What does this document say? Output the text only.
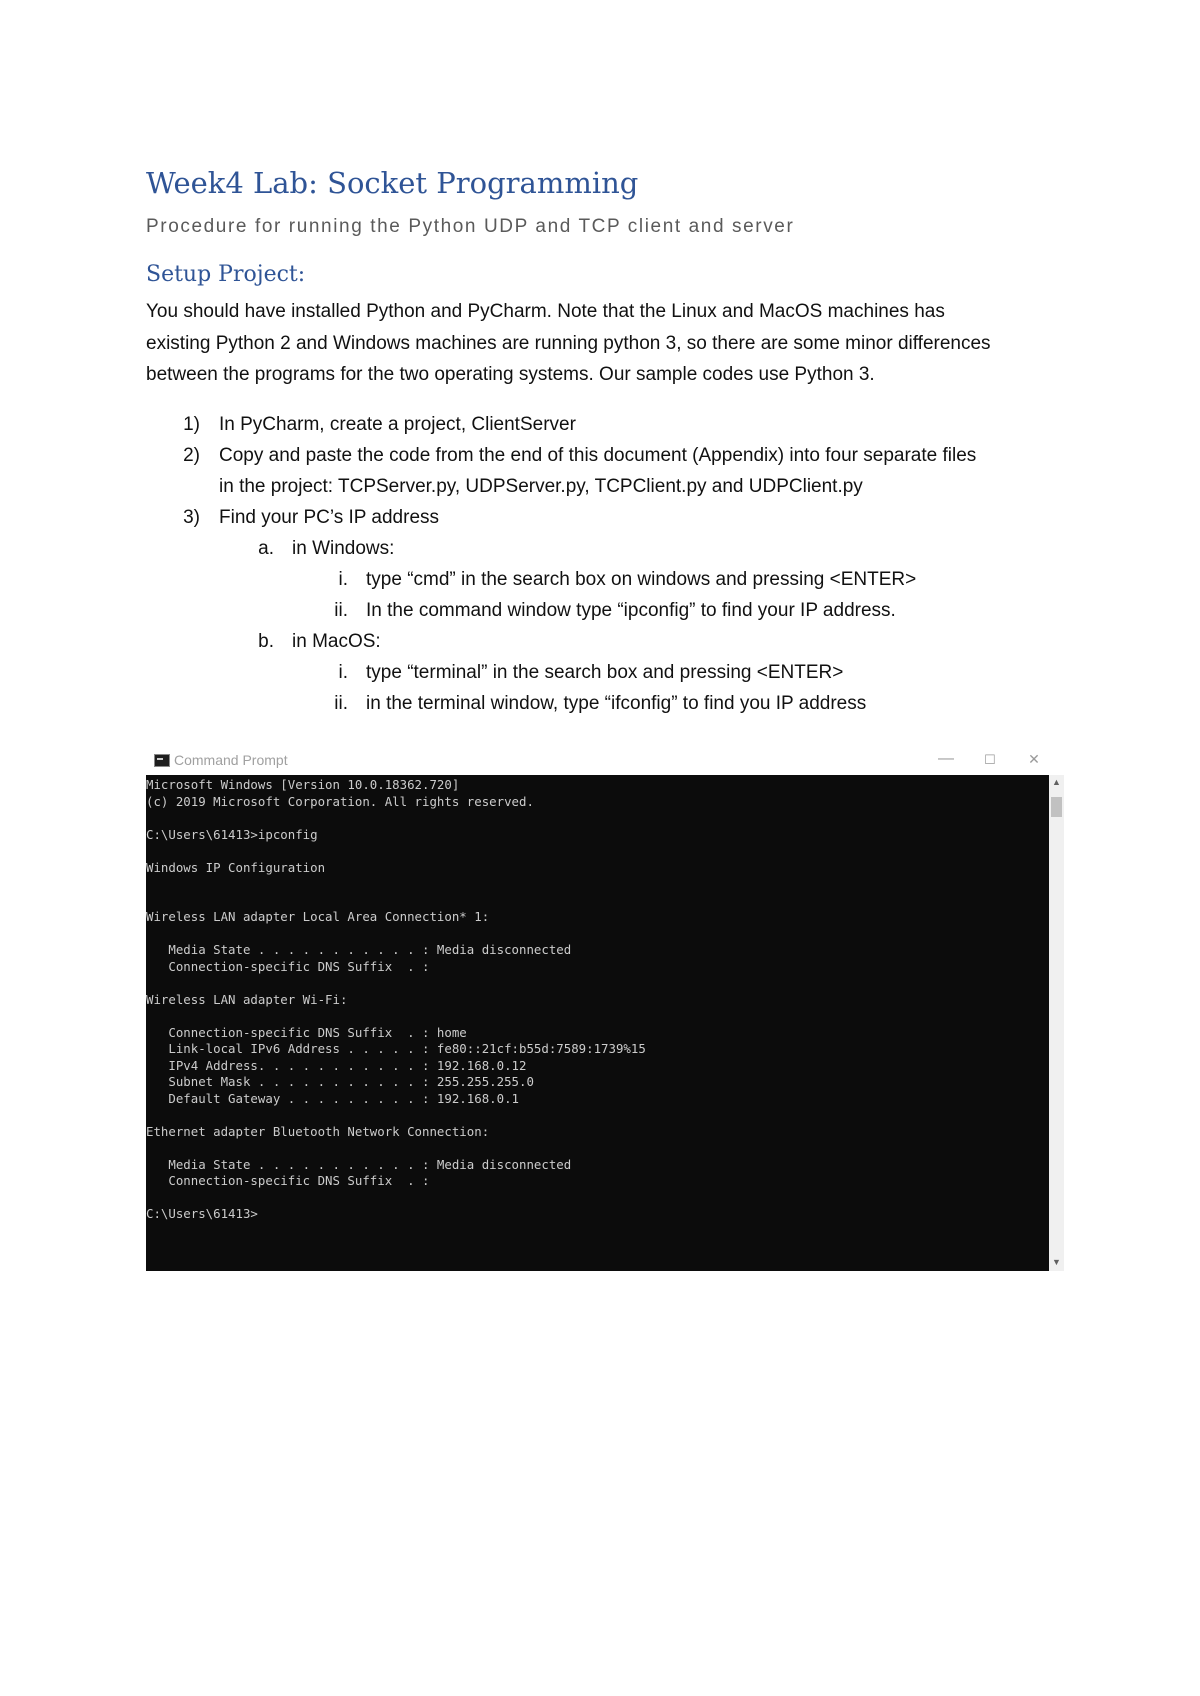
Week4 Lab: Socket Programming
Procedure for running the Python UDP and TCP client and server
Setup Project:
You should have installed Python and PyCharm. Note that the Linux and MacOS machines has
existing Python 2 and Windows machines are running python 3, so there are some minor differences
between the programs for the two operating systems. Our sample codes use Python 3.
1) In PyCharm, create a project, ClientServer
2) Copy and paste the code from the end of this document (Appendix) into four separate files
in the project: TCPServer.py, UDPServer.py, TCPClient.py and UDPClient.py
3) Find your PC’s IP address
a. in Windows:
i. type “cmd” in the search box on windows and pressing <ENTER>
ii. In the command window type “ipconfig” to find your IP address.
b. in MacOS:
i. type “terminal” in the search box and pressing <ENTER>
ii. in the terminal window, type “ifconfig” to find you IP address
Command Prompt	—	☐ ✕
Microsoft Windows [Version 10.0.18362.720]
(c) 2019 Microsoft Corporation. All rights reserved.
C:\Users\61413>ipconfig
Windows IP Configuration
Wireless LAN adapter Local Area Connection* 1:
Media State . . . . . . . . . . . : Media disconnected
Connection-specific DNS Suffix  . :
Wireless LAN adapter Wi-Fi:
Connection-specific DNS Suffix  . : home
Link-local IPv6 Address . . . . . : fe80::21cf:b55d:7589:1739%15
IPv4 Address. . . . . . . . . . . : 192.168.0.12
Subnet Mask . . . . . . . . . . . : 255.255.255.0
Default Gateway . . . . . . . . . : 192.168.0.1
Ethernet adapter Bluetooth Network Connection:
Media State . . . . . . . . . . . : Media disconnected
Connection-specific DNS Suffix  . :
C:\Users\61413>
▲
▼
